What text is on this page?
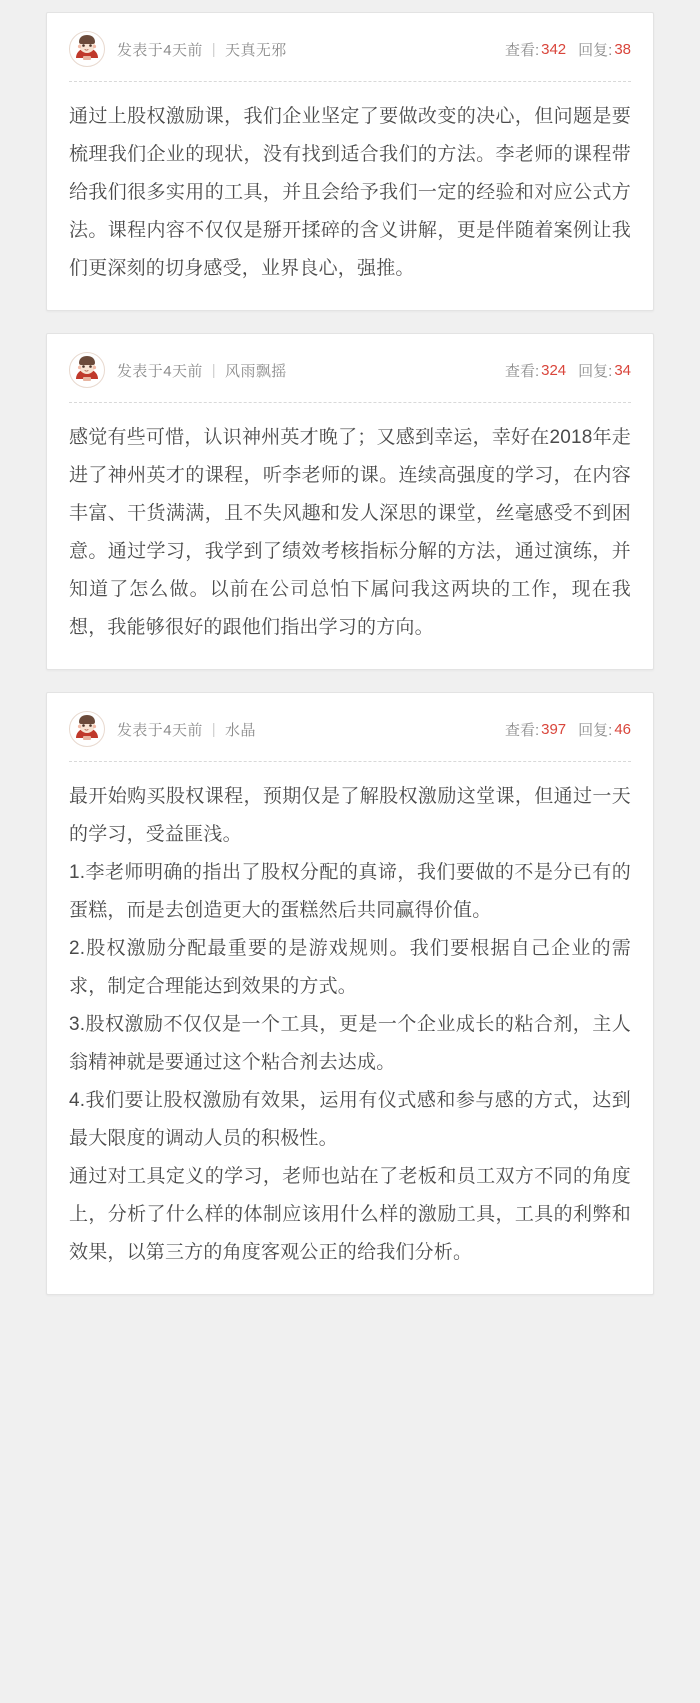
发表于4天前 | 天真无邪	查看: 342 回复: 38

通过上股权激励课，我们企业坚定了要做改变的决心，但问题是要梳理我们企业的现状，没有找到适合我们的方法。李老师的课程带给我们很多实用的工具，并且会给予我们一定的经验和对应公式方法。课程内容不仅仅是掰开揉碎的含义讲解，更是伴随着案例让我们更深刻的切身感受，业界良心，强推。

发表于4天前 | 风雨飘摇	查看: 324 回复: 34

感觉有些可惜，认识神州英才晚了；又感到幸运，幸好在2018年走进了神州英才的课程，听李老师的课。连续高强度的学习，在内容丰富、干货满满，且不失风趣和发人深思的课堂，丝毫感受不到困意。通过学习，我学到了绩效考核指标分解的方法，通过演练，并知道了怎么做。以前在公司总怕下属问我这两块的工作，现在我想，我能够很好的跟他们指出学习的方向。

发表于4天前 | 水晶	查看: 397 回复: 46

最开始购买股权课程，预期仅是了解股权激励这堂课，但通过一天的学习，受益匪浅。

1.李老师明确的指出了股权分配的真谛，我们要做的不是分已有的蛋糕，而是去创造更大的蛋糕然后共同赢得价值。

2.股权激励分配最重要的是游戏规则。我们要根据自己企业的需求，制定合理能达到效果的方式。

3.股权激励不仅仅是一个工具，更是一个企业成长的粘合剂，主人翁精神就是要通过这个粘合剂去达成。

4.我们要让股权激励有效果，运用有仪式感和参与感的方式，达到最大限度的调动人员的积极性。

通过对工具定义的学习，老师也站在了老板和员工双方不同的角度上，分析了什么样的体制应该用什么样的激励工具，工具的利弊和效果，以第三方的角度客观公正的给我们分析。
